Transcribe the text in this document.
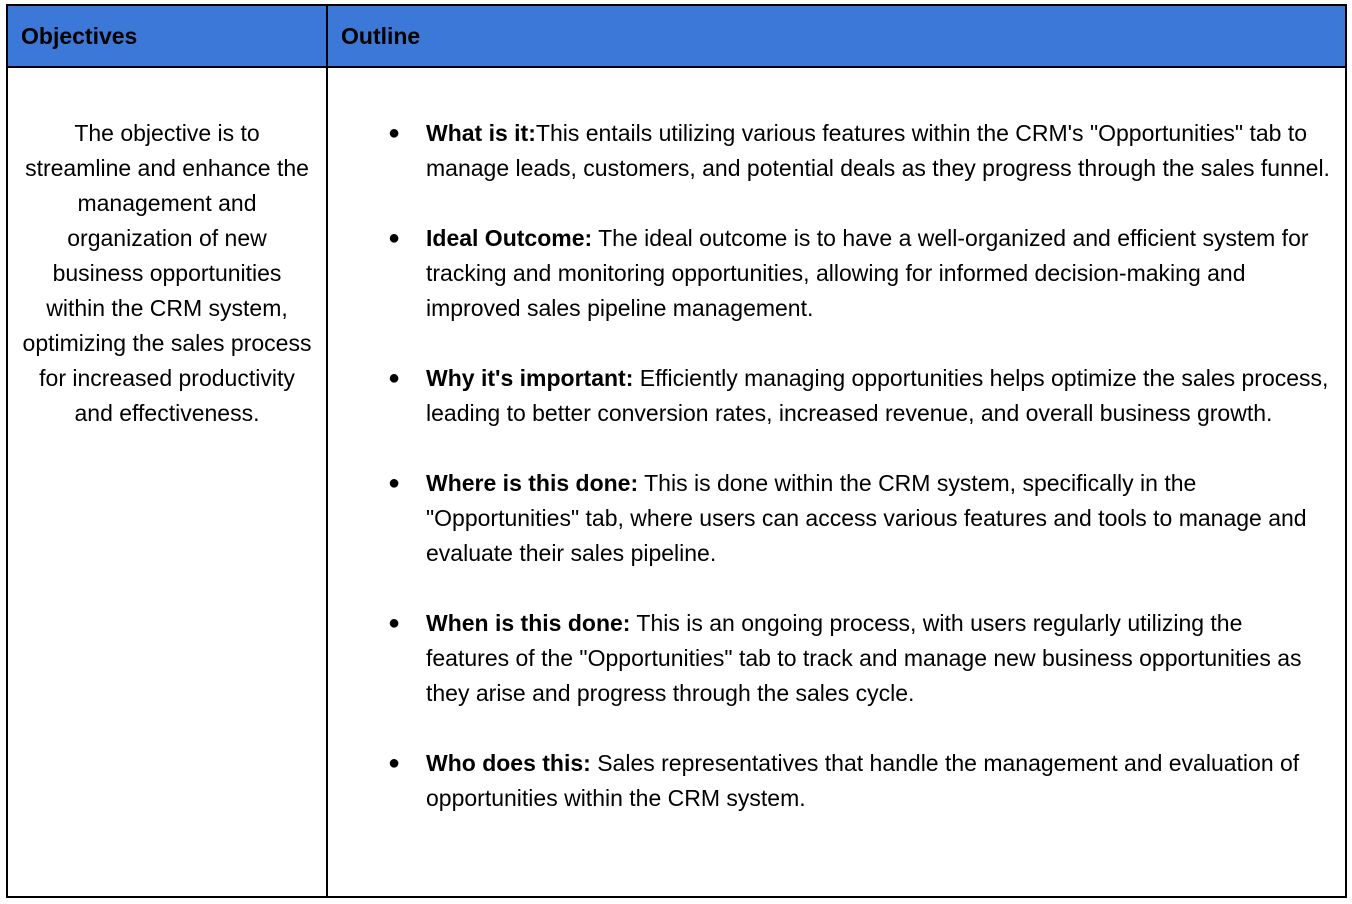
Objectives	Outline

The objective is to streamline and enhance the management and organization of new business opportunities within the CRM system, optimizing the sales process for increased productivity and effectiveness.

● What is it:This entails utilizing various features within the CRM's "Opportunities" tab to manage leads, customers, and potential deals as they progress through the sales funnel.
● Ideal Outcome: The ideal outcome is to have a well-organized and efficient system for tracking and monitoring opportunities, allowing for informed decision-making and improved sales pipeline management.
● Why it's important: Efficiently managing opportunities helps optimize the sales process, leading to better conversion rates, increased revenue, and overall business growth.
● Where is this done: This is done within the CRM system, specifically in the "Opportunities" tab, where users can access various features and tools to manage and evaluate their sales pipeline.
● When is this done: This is an ongoing process, with users regularly utilizing the features of the "Opportunities" tab to track and manage new business opportunities as they arise and progress through the sales cycle.
● Who does this: Sales representatives that handle the management and evaluation of opportunities within the CRM system.
